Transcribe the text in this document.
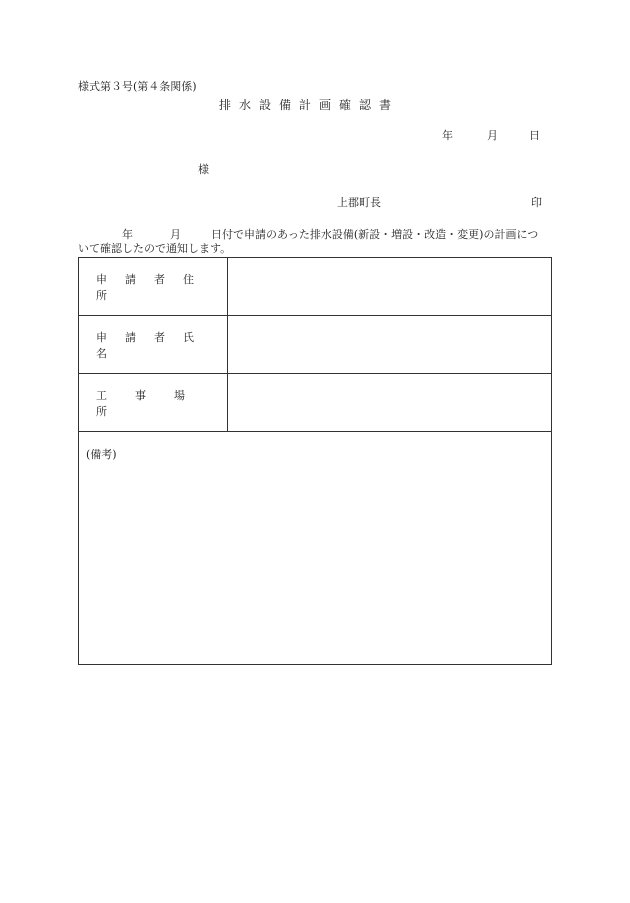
様式第３号(第４条関係)
排水設備計画確認書
年	月	日
様
上郡町長	印
年	月	日付で申請のあった排水設備(新設・増設・改造・変更)の計画につ
いて確認したので通知します。
申請者住所
申請者氏名
工事場所
(備考)
